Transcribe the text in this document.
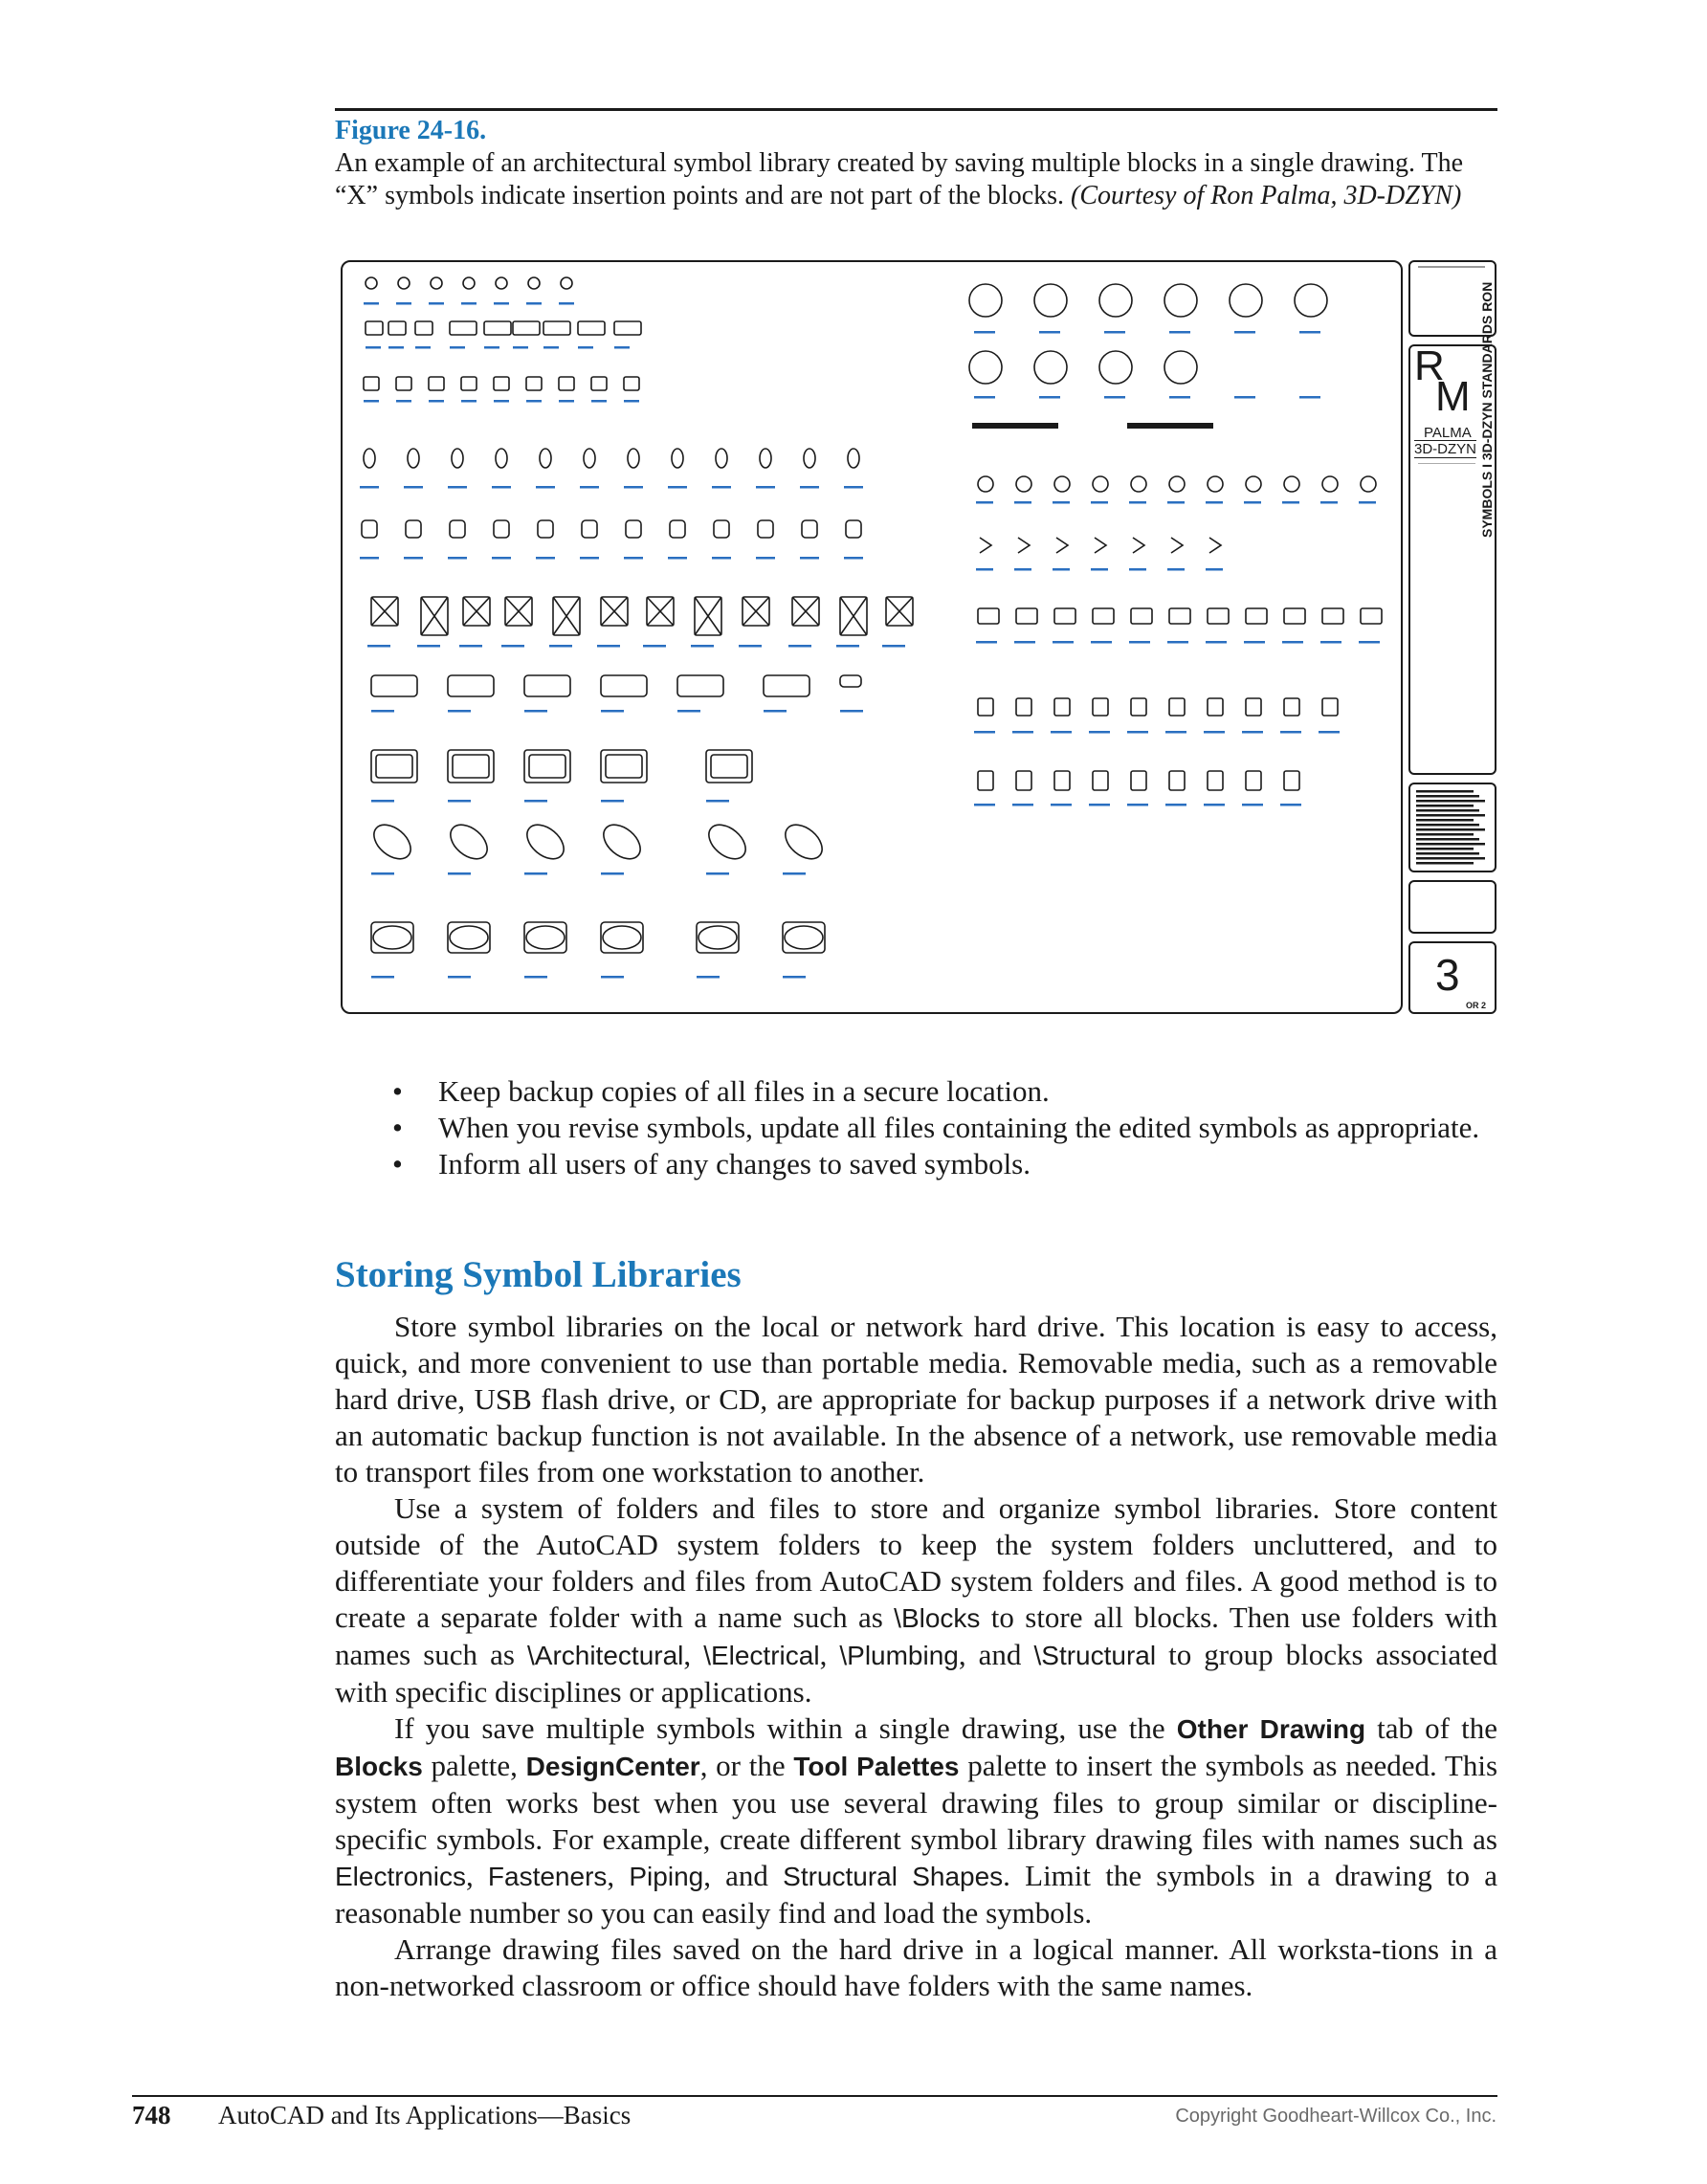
Figure 24-16.
An example of an architectural symbol library created by saving multiple blocks in a single drawing. The “X” symbols indicate insertion points and are not part of the blocks. (Courtesy of Ron Palma, 3D-DZYN)
R
M
PALMA
3D-DZYN SYMBOLS I 3D-DZYN STANDARDS RON
3
OR 2
• Keep backup copies of all files in a secure location.
• When you revise symbols, update all files containing the edited symbols as appropriate.
• Inform all users of any changes to saved symbols.
Storing Symbol Libraries

Store symbol libraries on the local or network hard drive. This location is easy to access, quick, and more convenient to use than portable media. Removable media, such as a removable hard drive, USB flash drive, or CD, are appropriate for backup purposes if a network drive with an automatic backup function is not available. In the absence of a network, use removable media to transport files from one workstation to another.

Use a system of folders and files to store and organize symbol libraries. Store content outside of the AutoCAD system folders to keep the system folders uncluttered, and to differentiate your folders and files from AutoCAD system folders and files. A good method is to create a separate folder with a name such as \Blocks to store all blocks. Then use folders with names such as \Architectural, \Electrical, \Plumbing, and \Structural to group blocks associated with specific disciplines or applications.

If you save multiple symbols within a single drawing, use the Other Drawing tab of the Blocks palette, DesignCenter, or the Tool Palettes palette to insert the symbols as needed. This system often works best when you use several drawing files to group similar or discipline-specific symbols. For example, create different symbol library drawing files with names such as Electronics, Fasteners, Piping, and Structural Shapes. Limit the symbols in a drawing to a reasonable number so you can easily find and load the symbols.

Arrange drawing files saved on the hard drive in a logical manner. All worksta-tions in a non-networked classroom or office should have folders with the same names.

748 AutoCAD and Its Applications—Basics	Copyright Goodheart-Willcox Co., Inc.
